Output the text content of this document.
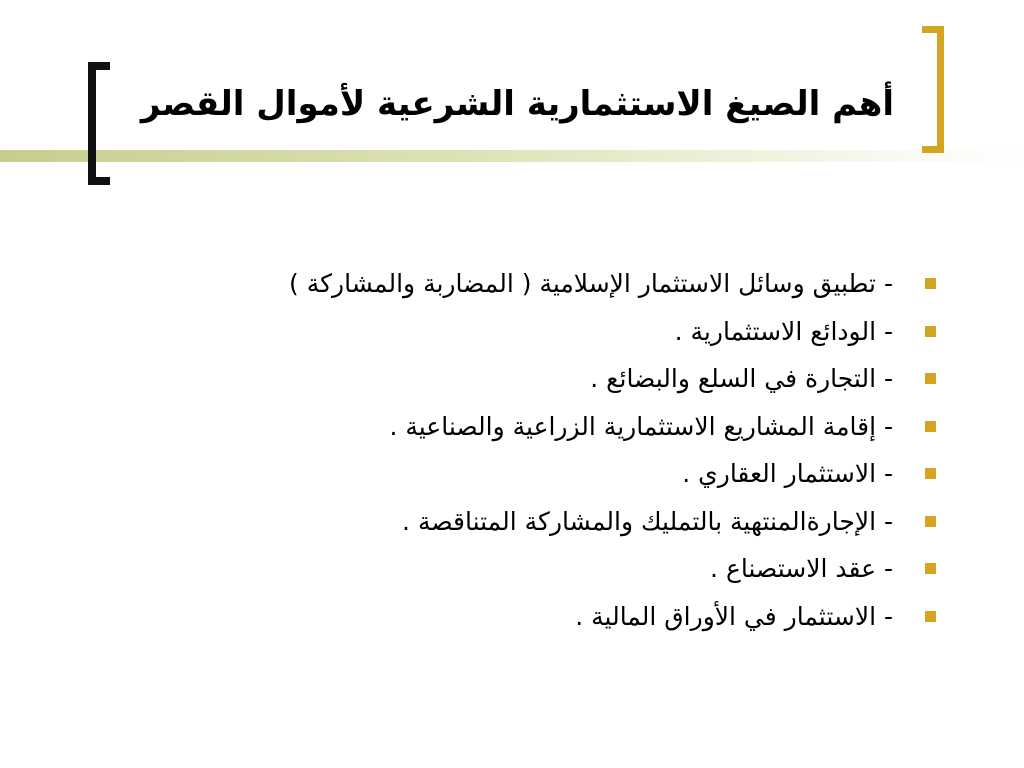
أهم الصيغ الاستثمارية الشرعية لأموال القصر
- تطبيق وسائل الاستثمار الإسلامية ( المضاربة والمشاركة )
- الودائع الاستثمارية .
- التجارة في السلع والبضائع .
- إقامة المشاريع الاستثمارية الزراعية والصناعية .
- الاستثمار العقاري .
- الإجارةالمنتهية بالتمليك والمشاركة المتناقصة .
- عقد الاستصناع .
- الاستثمار في الأوراق المالية .
